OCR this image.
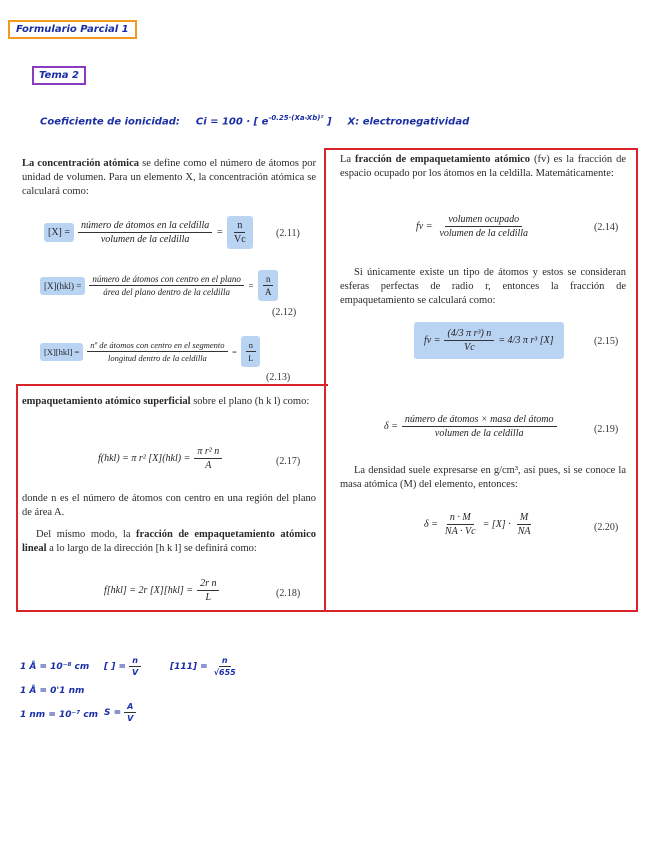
Formulario Parcial 1
Tema 2
Coeficiente de ionicidad: Ci = 100 · [ $e^{-0.25\cdot(Xa-Xb)^2}$ ] X: electronegatividad
La concentración atómica se define como el número de átomos por unidad de volumen. Para un elemento X, la concentración atómica se calculará como:
$[X] = \frac{\text{número de átomos en la celdilla}}{\text{volumen de la celdilla}} = \frac{n}{Vc} (2.11)$
$[X](hkl) = \frac{\text{número de átomos con centro en el plano}}{\text{área del plano dentro de la celdilla}} = \frac{n}{A}$
(2.12)
$[X][hkl] = \frac{\text{nº de átomos con centro en el segmento}}{\text{longitud dentro de la celdilla}} = \frac{n}{L}$
(2.13)
La fracción de empaquetamiento atómico (fv) es la fracción de espacio ocupado por los átomos en la celdilla. Matemáticamente:
fv = $\frac{\text{volumen ocupado}}{\text{volumen de la celdilla}}$	(2.14)
Si únicamente existe un tipo de átomos y estos se consideran esferas perfectas de radio r, entonces la fracción de empaquetamiento se calculará como:
fv = $\frac{\text{(4/3 π r³) n}}{Vc} = 4/3$ π r³ [X]	(2.15)
empaquetamiento atómico superficial sobre el plano (h k l) como:
f(hkl) = π r² $[X](hkl) = \frac{\text{π r² n}}{A}$	(2.17)
donde n es el número de átomos con centro en una región del plano de área A.
Del mismo modo, la fracción de empaquetamiento atómico lineal a lo largo de la dirección [h k l] se definirá como:
f[hkl] = 2r $[X][hkl] = \frac{\text{2r n}}{L}$	(2.18)
$\delta = \frac{\text{número de átomos × masa del átomo}}{\text{volumen de la celdilla}}$	(2.19)
La densidad suele expresarse en g/cm³, así pues, si se conoce la masa atómica (M) del elemento, entonces:
$\delta = \frac{n \cdot M}{NA \cdot Vc} = [X] \cdot \frac{M}{NA}$	(2.20)
1 Å = 10⁻⁸ cm
1 Å = 0'1 nm
1 nm = 10⁻⁷ cm
[ ] = $\frac{n}{V}$	$[111] = \frac{n}{√655}$
$S = \frac{A}{V}$
